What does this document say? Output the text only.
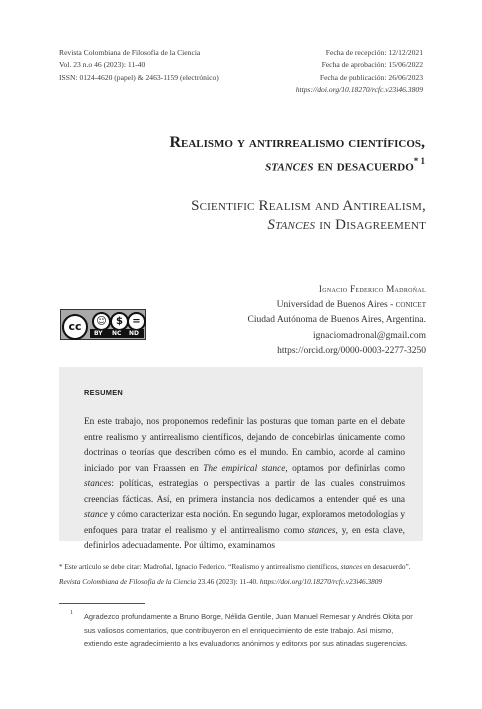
Revista Colombiana de Filosofía de la Ciencia
Vol. 23 n.o 46 (2023): 11-40
ISSN: 0124-4620 (papel) & 2463-1159 (electrónico)
Fecha de recepción: 12/12/2021
Fecha de aprobación: 15/06/2022
Fecha de publicación: 26/06/2023
https://doi.org/10.18270/rcfc.v23i46.3809
Realismo y antirrealismo científicos,
stances en desacuerdo$^{* 1}$
Scientific Realism and Antirealism,
Stances in Disagreement
Ignacio Federico Madroñal
Universidad de Buenos Aires - conicet
Ciudad Autónoma de Buenos Aires, Argentina.
ignaciomadronal@gmail.com
https://orcid.org/0000-0003-2277-3250
cc	☺ $ =
BY NC ND
RESUMEN
En este trabajo, nos proponemos redefinir las posturas que toman parte en el debate entre realismo y antirrealismo científicos, dejando de concebirlas únicamente como doctrinas o teorías que describen cómo es el mundo. En cambio, acorde al camino iniciado por van Fraassen en The empirical stance, optamos por definirlas como stances: políticas, estrategias o perspectivas a partir de las cuales construimos creencias fácticas. Así, en primera instancia nos dedicamos a entender qué es una stance y cómo caracterizar esta noción. En segundo lugar, exploramos metodologías y enfoques para tratar el realismo y el antirrealismo como stances, y, en esta clave, definirlos adecuadamente. Por último, examinamos
* Este artículo se debe citar: Madroñal, Ignacio Federico. “Realismo y antirrealismo científicos, stances en desacuerdo”.
Revista Colombiana de Filosofía de la Ciencia 23.46 (2023): 11-40. https://doi.org/10.18270/rcfc.v23i46.3809
1 Agradezco profundamente a Bruno Borge, Nélida Gentile, Juan Manuel Remesar y Andrés Okita por sus valiosos comentarios, que contribuyeron en el enriquecimiento de este trabajo. Así mismo, extiendo este agradecimiento a lxs evaluadorxs anónimos y editorxs por sus atinadas sugerencias.
